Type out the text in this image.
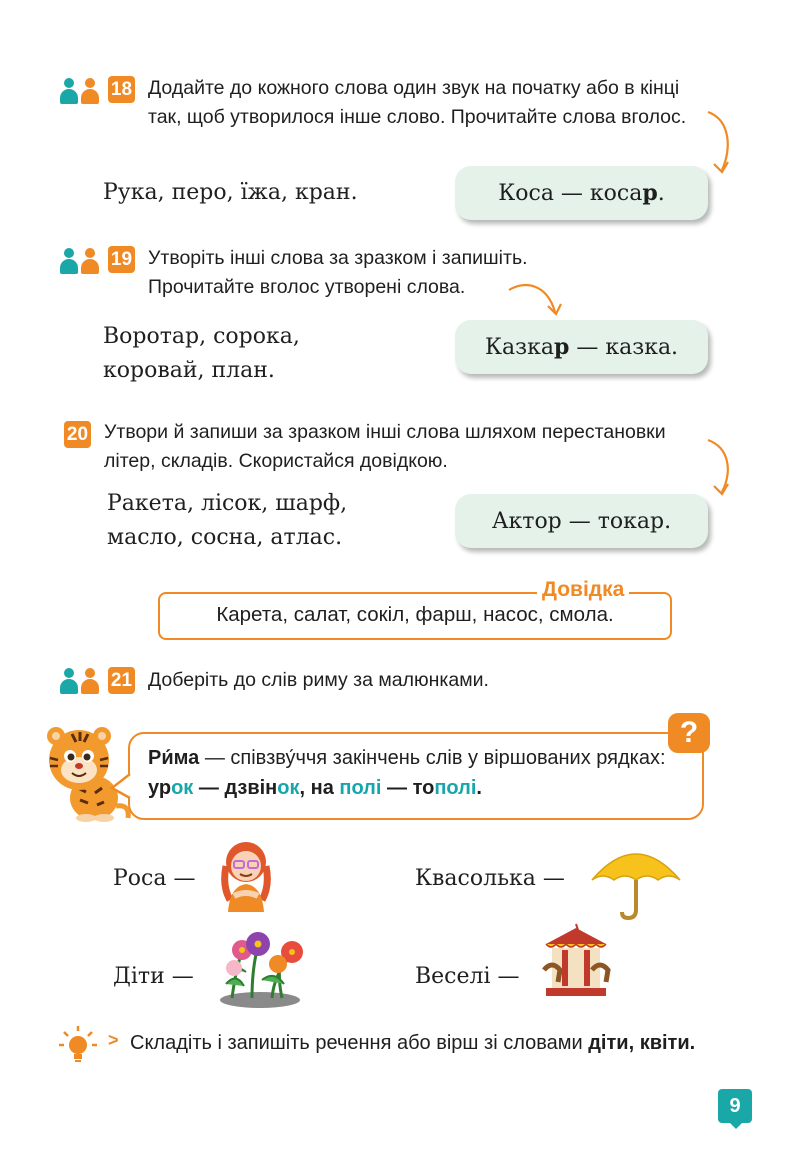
18 Додайте до кожного слова один звук на початку або в кінці так, щоб утворилося інше слово. Прочитайте слова вголос.
Рука, перо, їжа, кран.	Коса — коса р .
19 Утворіть інші слова за зразком і запишіть.
Прочитайте вголос утворені слова.
Воротар, сорока,
коровай, план.
Казка р — казка.
20 Утвори й запиши за зразком інші слова шляхом перестановки літер, складів. Скористайся довідкою.
Ракета, лісок, шарф,
масло, сосна, атлас.
Актор — токар.
Довідка
Карета, салат, сокіл, фарш, насос, смола.
21 Доберіть до слів риму за малюнками.
?
Ри́ма — співзву́ччя закінчень слів у віршованих рядках: урок — дзвінок, на полі — тополі.
Роса —	Квасолька —
Діти —	Веселі —
> Складіть і запишіть речення або вірш зі словами діти, квіти.
9
